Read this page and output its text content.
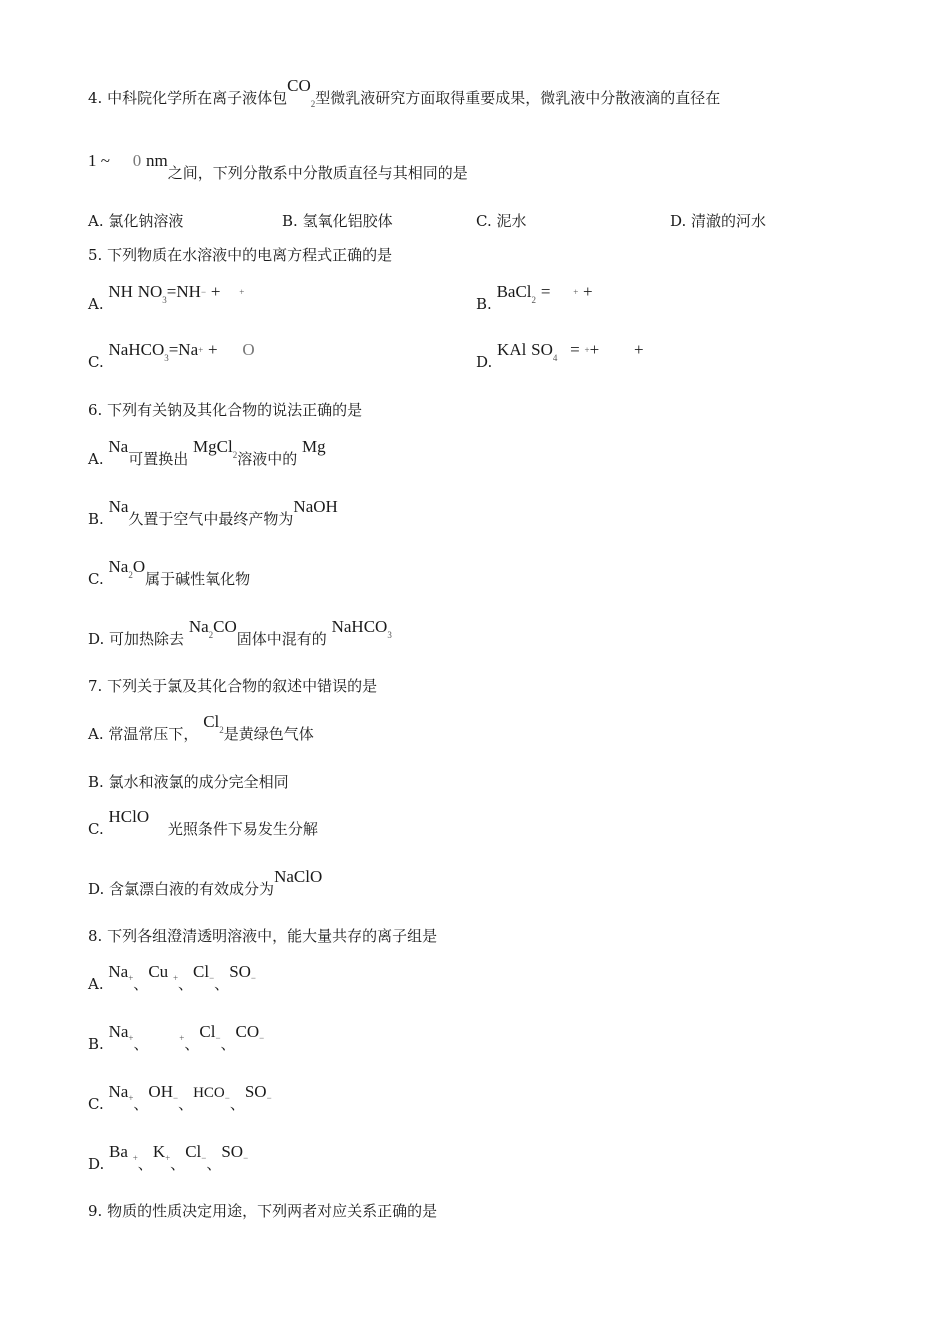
4. 中科院化学所在离子液体包$CO_2$型微乳液研究方面取得重要成果，微乳液中分散液滴的直径在
1 ~ 0 nm之间，下列分散系中分散质直径与其相同的是
A. 氯化钠溶液	B. 氢氧化铝胶体	C. 泥水	D. 清澈的河水
5. 下列物质在水溶液中的电离方程式正确的是
A. NH $NO^3=NH^- + ^+$
B. BaCl$^2$ =	+ +
C. NaHCO$^3$=Na+ + O
D. KAl $SO^4 = ^++$ +
6. 下列有关钠及其化合物的说法正确的是
A. Na可置换出 MgCl$^2$溶液中的 Mg
B. Na久置于空气中最终产物为NaOH
C. Na$^2$O属于碱性氧化物
D. 可加热除去 Na$^2$CO固体中混有的 NaHCO$^3$
7. 下列关于氯及其化合物的叙述中错误的是
A. 常温常压下， Cl$^2$是黄绿色气体
B. 氯水和液氯的成分完全相同
C. HClO 光照条件下易发生分解
D. 含氯漂白液的有效成分为NaClO
8. 下列各组澄清透明溶液中，能大量共存的离子组是
A. Na+、Cu +、Cl−、SO−
B. Na+、	+、Cl−、CO−
C. Na+、OH−、HCO−、SO−
D. Ba +、K+、Cl−、SO−
9. 物质的性质决定用途，下列两者对应关系正确的是
